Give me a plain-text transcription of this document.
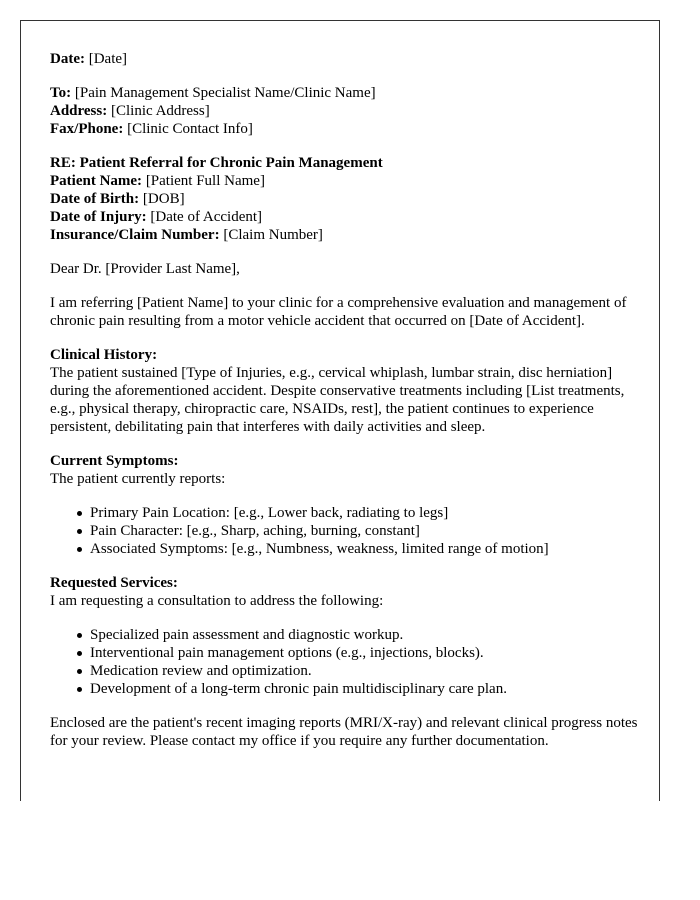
Date: [Date]
To: [Pain Management Specialist Name/Clinic Name]
Address: [Clinic Address]
Fax/Phone: [Clinic Contact Info]
RE: Patient Referral for Chronic Pain Management
Patient Name: [Patient Full Name]
Date of Birth: [DOB]
Date of Injury: [Date of Accident]
Insurance/Claim Number: [Claim Number]
Dear Dr. [Provider Last Name],
I am referring [Patient Name] to your clinic for a comprehensive evaluation and management of chronic pain resulting from a motor vehicle accident that occurred on [Date of Accident].
Clinical History:
The patient sustained [Type of Injuries, e.g., cervical whiplash, lumbar strain, disc herniation] during the aforementioned accident. Despite conservative treatments including [List treatments, e.g., physical therapy, chiropractic care, NSAIDs, rest], the patient continues to experience persistent, debilitating pain that interferes with daily activities and sleep.
Current Symptoms:
The patient currently reports:
Primary Pain Location: [e.g., Lower back, radiating to legs]
Pain Character: [e.g., Sharp, aching, burning, constant]
Associated Symptoms: [e.g., Numbness, weakness, limited range of motion]
Requested Services:
I am requesting a consultation to address the following:
Specialized pain assessment and diagnostic workup.
Interventional pain management options (e.g., injections, blocks).
Medication review and optimization.
Development of a long-term chronic pain multidisciplinary care plan.
Enclosed are the patient's recent imaging reports (MRI/X-ray) and relevant clinical progress notes for your review. Please contact my office if you require any further documentation.
